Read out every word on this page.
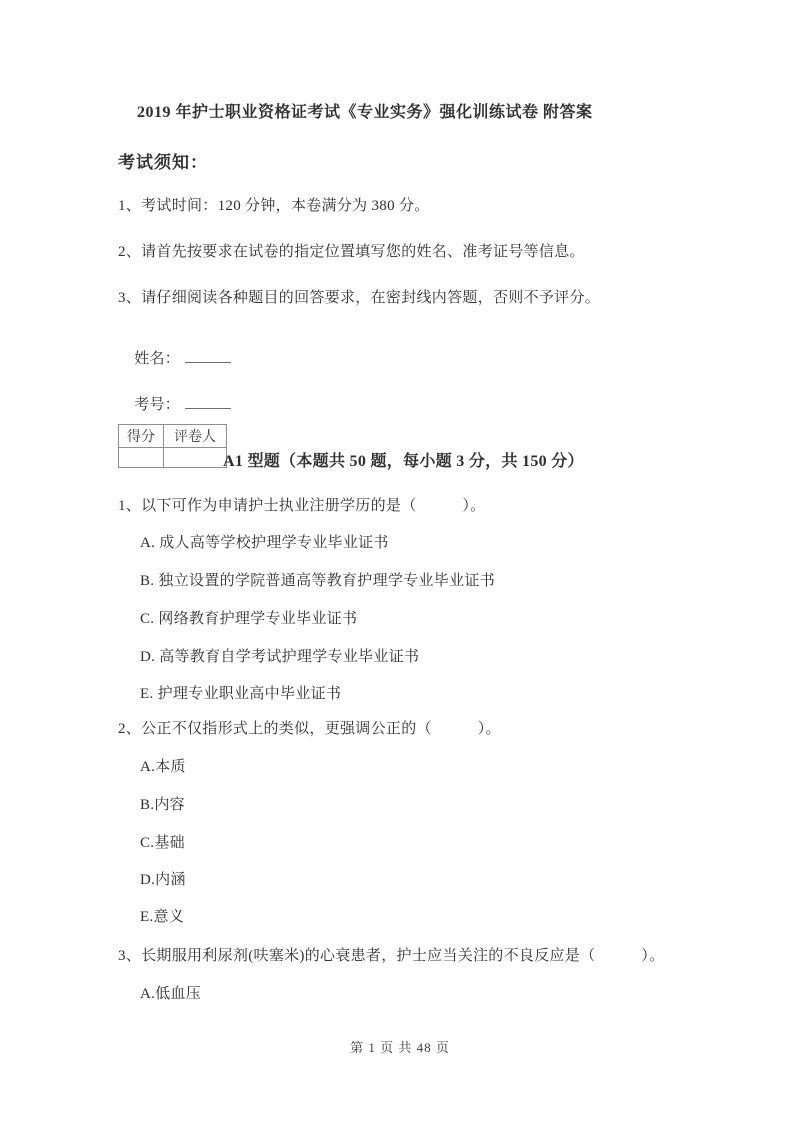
2019 年护士职业资格证考试《专业实务》强化训练试卷 附答案
考试须知：
1、考试时间：120 分钟，本卷满分为 380 分。
2、请首先按要求在试卷的指定位置填写您的姓名、准考证号等信息。
3、请仔细阅读各种题目的回答要求，在密封线内答题，否则不予评分。

姓名：

考号：

得分	评卷人

A1 型题（本题共 50 题，每小题 3 分，共 150 分）
1、以下可作为申请护士执业注册学历的是（　　　）。
A. 成人高等学校护理学专业毕业证书
B. 独立设置的学院普通高等教育护理学专业毕业证书
C. 网络教育护理学专业毕业证书
D. 高等教育自学考试护理学专业毕业证书
E. 护理专业职业高中毕业证书
2、公正不仅指形式上的类似，更强调公正的（　　　）。
A.本质
B.内容
C.基础
D.内涵
E.意义
3、长期服用利尿剂(呋塞米)的心衰患者，护士应当关注的不良反应是（　　　）。
A.低血压
第 1 页 共 48 页
